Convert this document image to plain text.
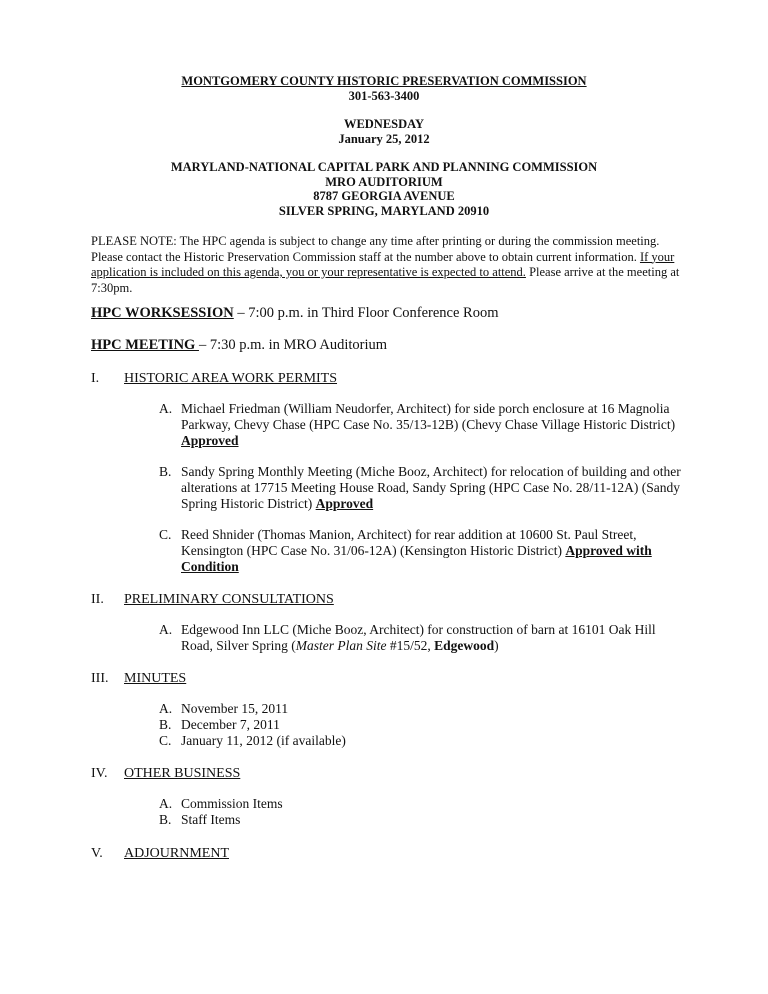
MONTGOMERY COUNTY HISTORIC PRESERVATION COMMISSION
301-563-3400
WEDNESDAY
January 25, 2012
MARYLAND-NATIONAL CAPITAL PARK AND PLANNING COMMISSION
MRO AUDITORIUM
8787 GEORGIA AVENUE
SILVER SPRING, MARYLAND 20910
PLEASE NOTE: The HPC agenda is subject to change any time after printing or during the commission meeting. Please contact the Historic Preservation Commission staff at the number above to obtain current information. If your application is included on this agenda, you or your representative is expected to attend. Please arrive at the meeting at 7:30pm.
HPC WORKSESSION – 7:00 p.m. in Third Floor Conference Room
HPC MEETING – 7:30 p.m. in MRO Auditorium
I. HISTORIC AREA WORK PERMITS
A. Michael Friedman (William Neudorfer, Architect) for side porch enclosure at 16 Magnolia Parkway, Chevy Chase (HPC Case No. 35/13-12B) (Chevy Chase Village Historic District) Approved
B. Sandy Spring Monthly Meeting (Miche Booz, Architect) for relocation of building and other alterations at 17715 Meeting House Road, Sandy Spring (HPC Case No. 28/11-12A) (Sandy Spring Historic District) Approved
C. Reed Shnider (Thomas Manion, Architect) for rear addition at 10600 St. Paul Street, Kensington (HPC Case No. 31/06-12A) (Kensington Historic District) Approved with Condition
II. PRELIMINARY CONSULTATIONS
A. Edgewood Inn LLC (Miche Booz, Architect) for construction of barn at 16101 Oak Hill Road, Silver Spring (Master Plan Site #15/52, Edgewood)
III. MINUTES
A. November 15, 2011
B. December 7, 2011
C. January 11, 2012 (if available)
IV. OTHER BUSINESS
A. Commission Items
B. Staff Items
V. ADJOURNMENT
